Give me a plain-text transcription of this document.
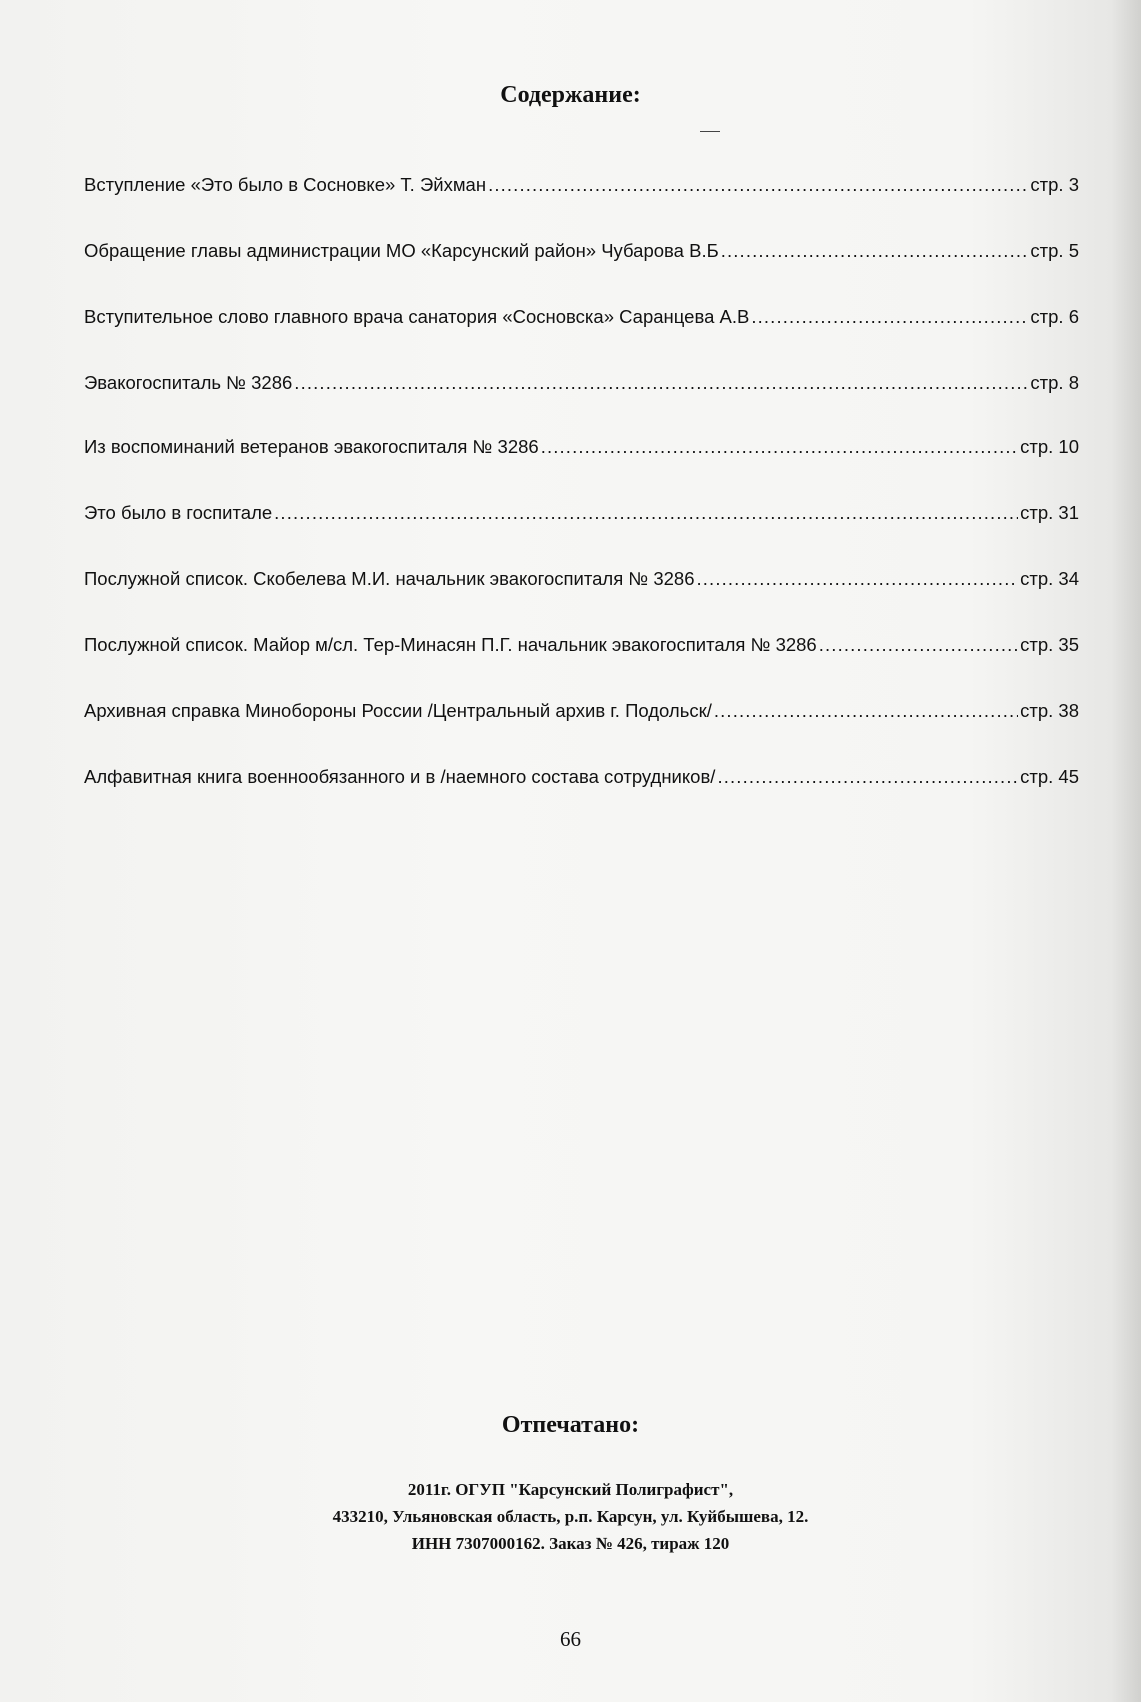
Содержание:
Вступление «Это было в Сосновке» Т. Эйхман . . .	стр. 3
Обращение главы администрации МО «Карсунский район» Чубарова В.Б . . .	стр. 5
Вступительное слово главного врача санатория «Сосновска» Саранцева А.В . . .	стр. 6
Эвакогоспиталь № 3286 . . .	стр. 8
Из воспоминаний ветеранов эвакогоспиталя № 3286 . . .	стр. 10
Это было в госпитале . . .	стр. 31
Послужной список. Скобелева М.И. начальник эвакогоспиталя № 3286 . . .	стр. 34
Послужной список. Майор м/сл. Тер-Минасян П.Г. начальник эвакогоспиталя № 3286 . . .	стр. 35
Архивная справка Минобороны России /Центральный архив г. Подольск/ . . .	стр. 38
Алфавитная книга военнообязанного и в /наемного состава сотрудников/ . . .	стр. 45
Отпечатано:
2011г. ОГУП "Карсунский Полиграфист",
433210, Ульяновская область, р.п. Карсун, ул. Куйбышева, 12.
ИНН 7307000162. Заказ № 426, тираж 120
66
